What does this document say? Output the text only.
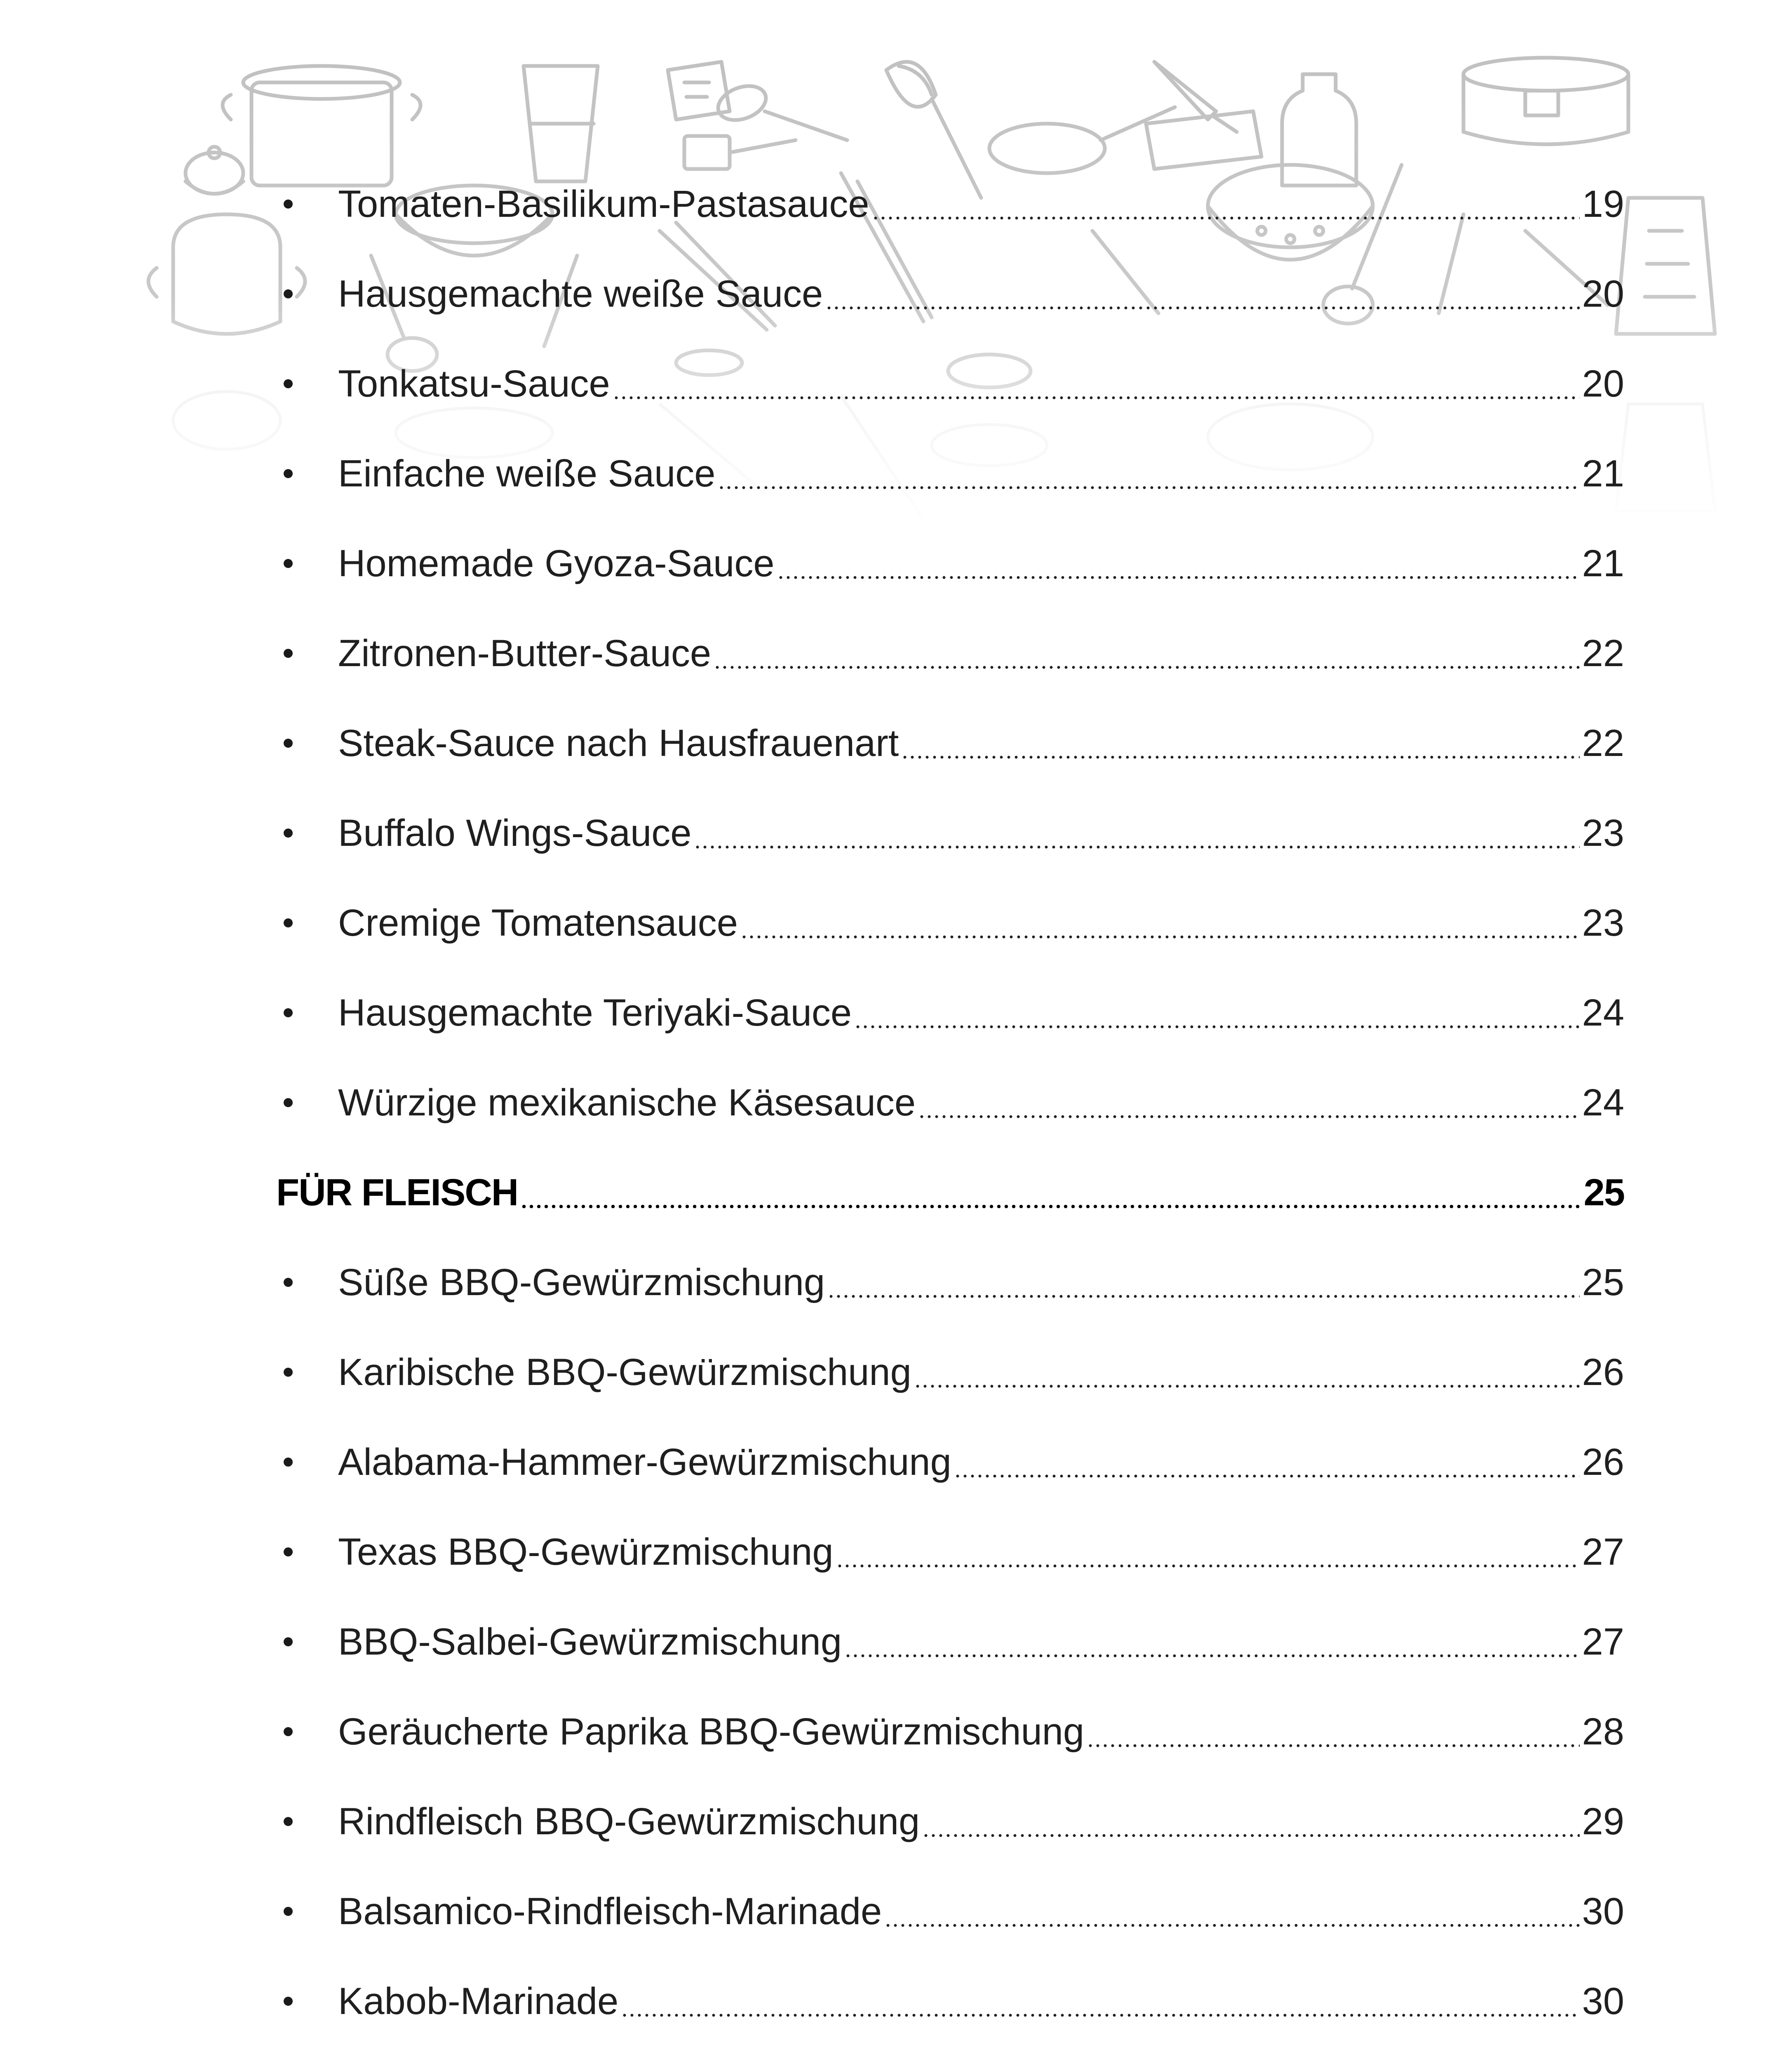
Tomaten-Basilikum-Pastasauce	19
Hausgemachte weiße Sauce	20
Tonkatsu-Sauce	20
Einfache weiße Sauce	21
Homemade Gyoza-Sauce	21
Zitronen-Butter-Sauce	22
Steak-Sauce nach Hausfrauenart	22
Buffalo Wings-Sauce	23
Cremige Tomatensauce	23
Hausgemachte Teriyaki-Sauce	24
Würzige mexikanische Käsesauce	24
FÜR FLEISCH	25
Süße BBQ-Gewürzmischung	25
Karibische BBQ-Gewürzmischung	26
Alabama-Hammer-Gewürzmischung	26
Texas BBQ-Gewürzmischung	27
BBQ-Salbei-Gewürzmischung	27
Geräucherte Paprika BBQ-Gewürzmischung	28
Rindfleisch BBQ-Gewürzmischung	29
Balsamico-Rindfleisch-Marinade	30
Kabob-Marinade	30
